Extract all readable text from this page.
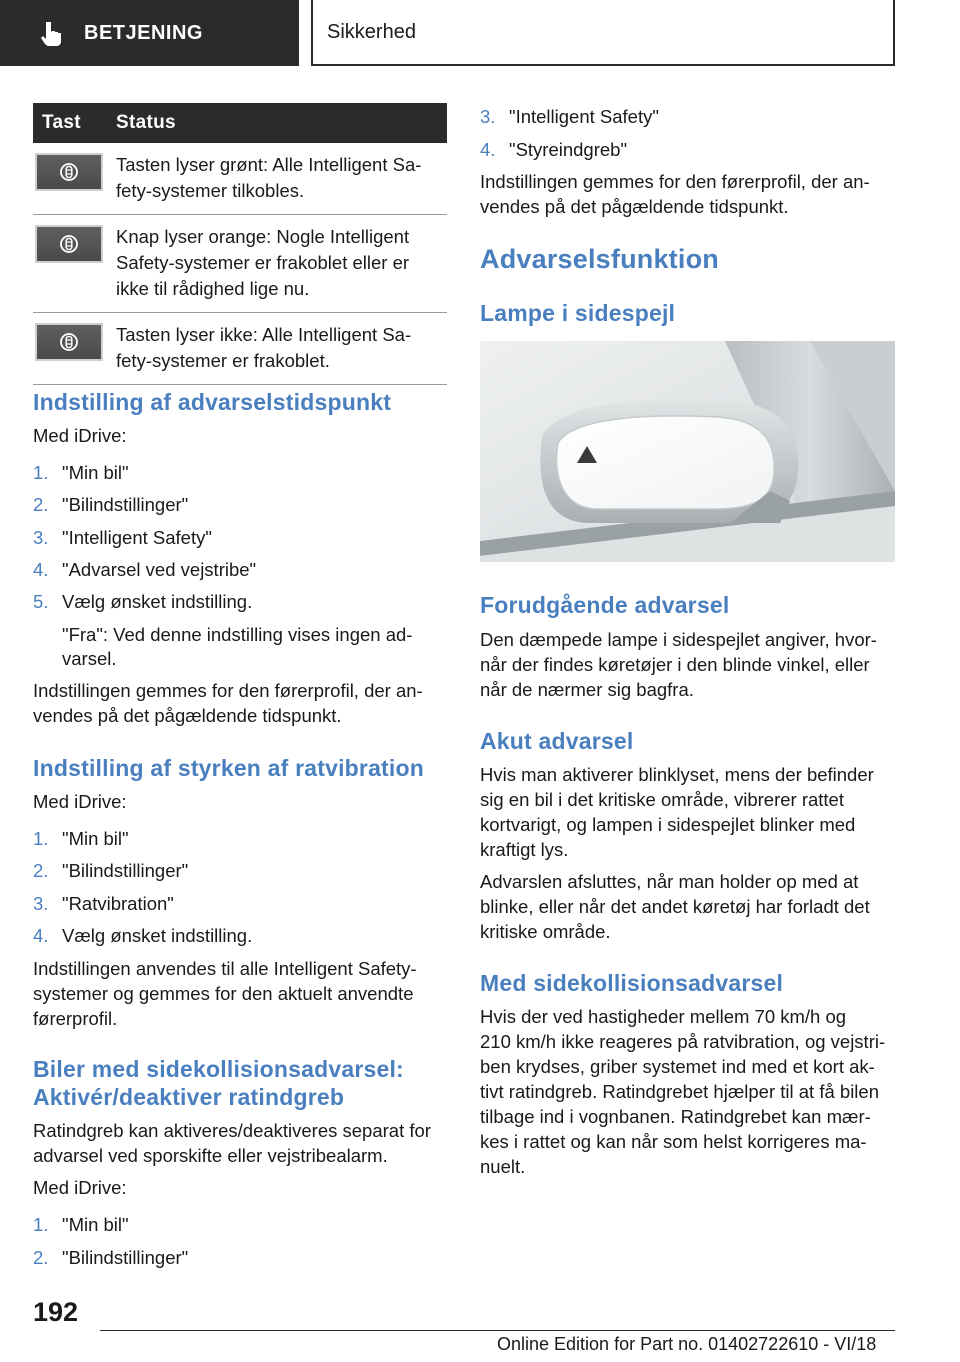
BETJENING	Sikkerhed
Tast	Status

Tasten lyser grønt: Alle Intelligent Sa-
fety-systemer tilkobles.

Knap lyser orange: Nogle Intelligent
Safety-systemer er frakoblet eller er
ikke til rådighed lige nu.

Tasten lyser ikke: Alle Intelligent Sa-
fety-systemer er frakoblet.
Indstilling af advarselstidspunkt
Med iDrive:
1. "Min bil"
2. "Bilindstillinger"
3. "Intelligent Safety"
4. "Advarsel ved vejstribe"
5. Vælg ønsket indstilling.
"Fra": Ved denne indstilling vises ingen ad-
varsel.
Indstillingen gemmes for den førerprofil, der an-
vendes på det pågældende tidspunkt.
Indstilling af styrken af ratvibration
Med iDrive:
1. "Min bil"
2. "Bilindstillinger"
3. "Ratvibration"
4. Vælg ønsket indstilling.
Indstillingen anvendes til alle Intelligent Safety-
systemer og gemmes for den aktuelt anvendte
førerprofil.
Biler med sidekollisionsadvarsel:
Aktivér/deaktiver ratindgreb
Ratindgreb kan aktiveres/deaktiveres separat for
advarsel ved sporskifte eller vejstribealarm.
Med iDrive:
1. "Min bil"
2. "Bilindstillinger"
3. "Intelligent Safety"
4. "Styreindgreb"
Indstillingen gemmes for den førerprofil, der an-
vendes på det pågældende tidspunkt.
Advarselsfunktion
Lampe i sidespejl
Forudgående advarsel
Den dæmpede lampe i sidespejlet angiver, hvor-
når der findes køretøjer i den blinde vinkel, eller
når de nærmer sig bagfra.
Akut advarsel
Hvis man aktiverer blinklyset, mens der befinder
sig en bil i det kritiske område, vibrerer rattet
kortvarigt, og lampen i sidespejlet blinker med
kraftigt lys.
Advarslen afsluttes, når man holder op med at
blinke, eller når det andet køretøj har forladt det
kritiske område.
Med sidekollisionsadvarsel
Hvis der ved hastigheder mellem 70 km/h og
210 km/h ikke reageres på ratvibration, og vejstri-
ben krydses, griber systemet ind med et kort ak-
tivt ratindgreb. Ratindgrebet hjælper til at få bilen
tilbage ind i vognbanen. Ratindgrebet kan mær-
kes i rattet og kan når som helst korrigeres ma-
nuelt.
192
Online Edition for Part no. 01402722610 - VI/18
